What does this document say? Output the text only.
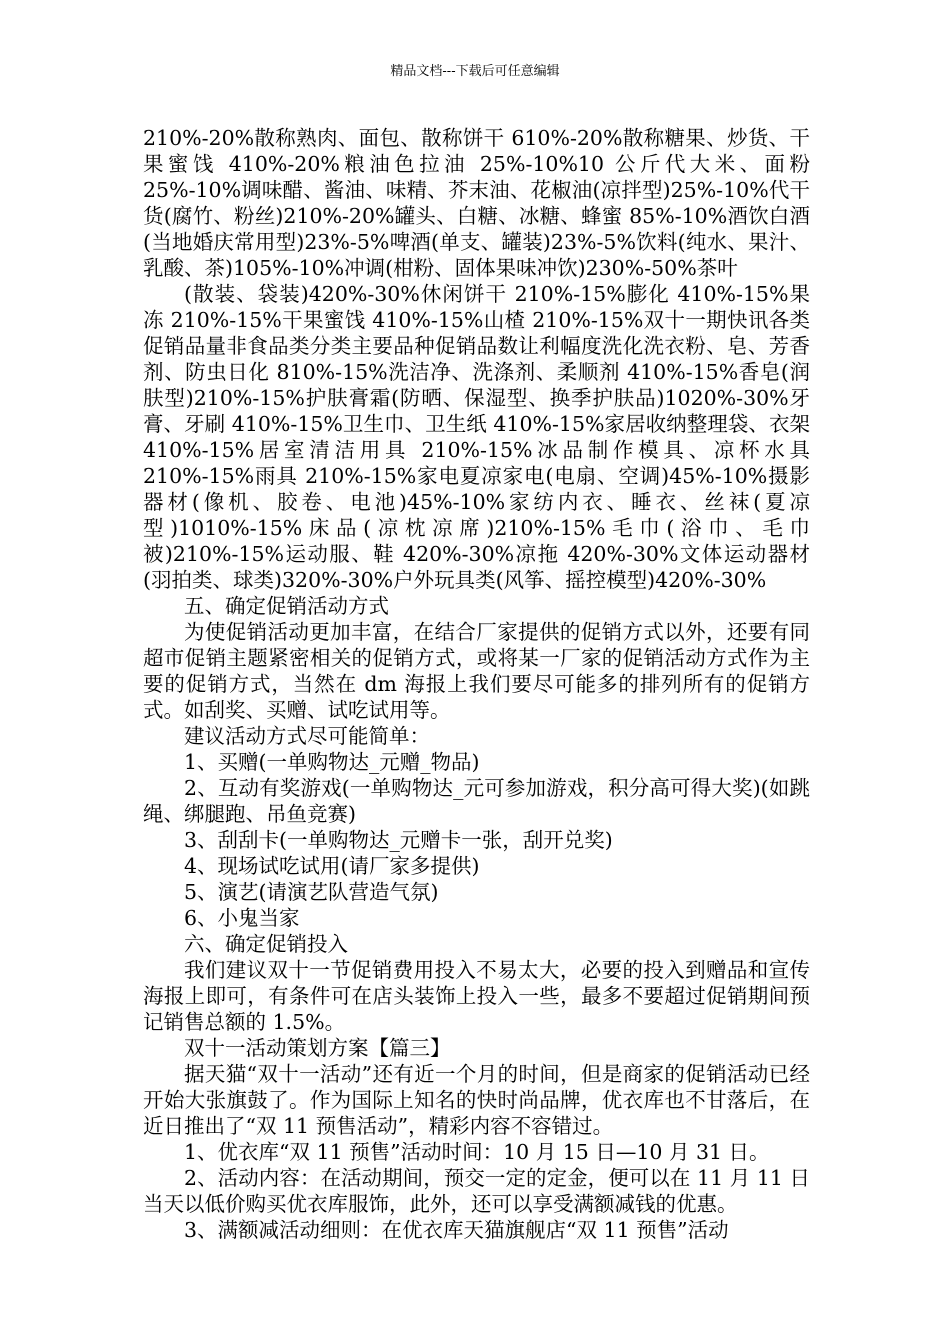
精品文档---下载后可任意编辑

210%-20%散称熟肉、面包、散称饼干 610%-20%散称糖果、炒货、干果蜜饯 410%-20%粮油色拉油 25%-10%10 公斤代大米、面粉 25%-10%调味醋、酱油、味精、芥末油、花椒油(凉拌型)25%-10%代干货(腐竹、粉丝)210%-20%罐头、白糖、冰糖、蜂蜜 85%-10%酒饮白酒(当地婚庆常用型)23%-5%啤酒(单支、罐装)23%-5%饮料(纯水、果汁、乳酸、茶)105%-10%冲调(柑粉、固体果味冲饮)230%-50%茶叶

(散装、袋装)420%-30%休闲饼干 210%-15%膨化 410%-15%果冻 210%-15%干果蜜饯 410%-15%山楂 210%-15%双十一期快讯各类促销品量非食品类分类主要品种促销品数让利幅度洗化洗衣粉、皂、芳香剂、防虫日化 810%-15%洗洁净、洗涤剂、柔顺剂 410%-15%香皂(润肤型)210%-15%护肤膏霜(防晒、保湿型、换季护肤品)1020%-30%牙膏、牙刷 410%-15%卫生巾、卫生纸 410%-15%家居收纳整理袋、衣架 410%-15%居室清洁用具 210%-15%冰品制作模具、凉杯水具 210%-15%雨具 210%-15%家电夏凉家电(电扇、空调)45%-10%摄影器材(像机、胶卷、电池)45%-10%家纺内衣、睡衣、丝袜(夏凉型)1010%-15%床品(凉枕凉席)210%-15%毛巾(浴巾、毛巾被)210%-15%运动服、鞋 420%-30%凉拖 420%-30%文体运动器材(羽拍类、球类)320%-30%户外玩具类(风筝、摇控模型)420%-30%

五、确定促销活动方式

为使促销活动更加丰富，在结合厂家提供的促销方式以外，还要有同超市促销主题紧密相关的促销方式，或将某一厂家的促销活动方式作为主要的促销方式，当然在 dm 海报上我们要尽可能多的排列所有的促销方式。如刮奖、买赠、试吃试用等。

建议活动方式尽可能简单：

1、买赠(一单购物达_元赠_物品)

2、互动有奖游戏(一单购物达_元可参加游戏，积分高可得大奖)(如跳绳、绑腿跑、吊鱼竞赛)

3、刮刮卡(一单购物达_元赠卡一张，刮开兑奖)

4、现场试吃试用(请厂家多提供)

5、演艺(请演艺队营造气氛)

6、小鬼当家

六、确定促销投入

我们建议双十一节促销费用投入不易太大，必要的投入到赠品和宣传海报上即可，有条件可在店头装饰上投入一些，最多不要超过促销期间预记销售总额的 1.5%。

双十一活动策划方案【篇三】

据天猫“双十一活动”还有近一个月的时间，但是商家的促销活动已经开始大张旗鼓了。作为国际上知名的快时尚品牌，优衣库也不甘落后，在近日推出了“双 11 预售活动”，精彩内容不容错过。

1、优衣库“双 11 预售”活动时间：10 月 15 日—10 月 31 日。

2、活动内容：在活动期间，预交一定的定金，便可以在 11 月 11 日当天以低价购买优衣库服饰，此外，还可以享受满额减钱的优惠。

3、满额减活动细则：在优衣库天猫旗舰店“双 11 预售”活动
